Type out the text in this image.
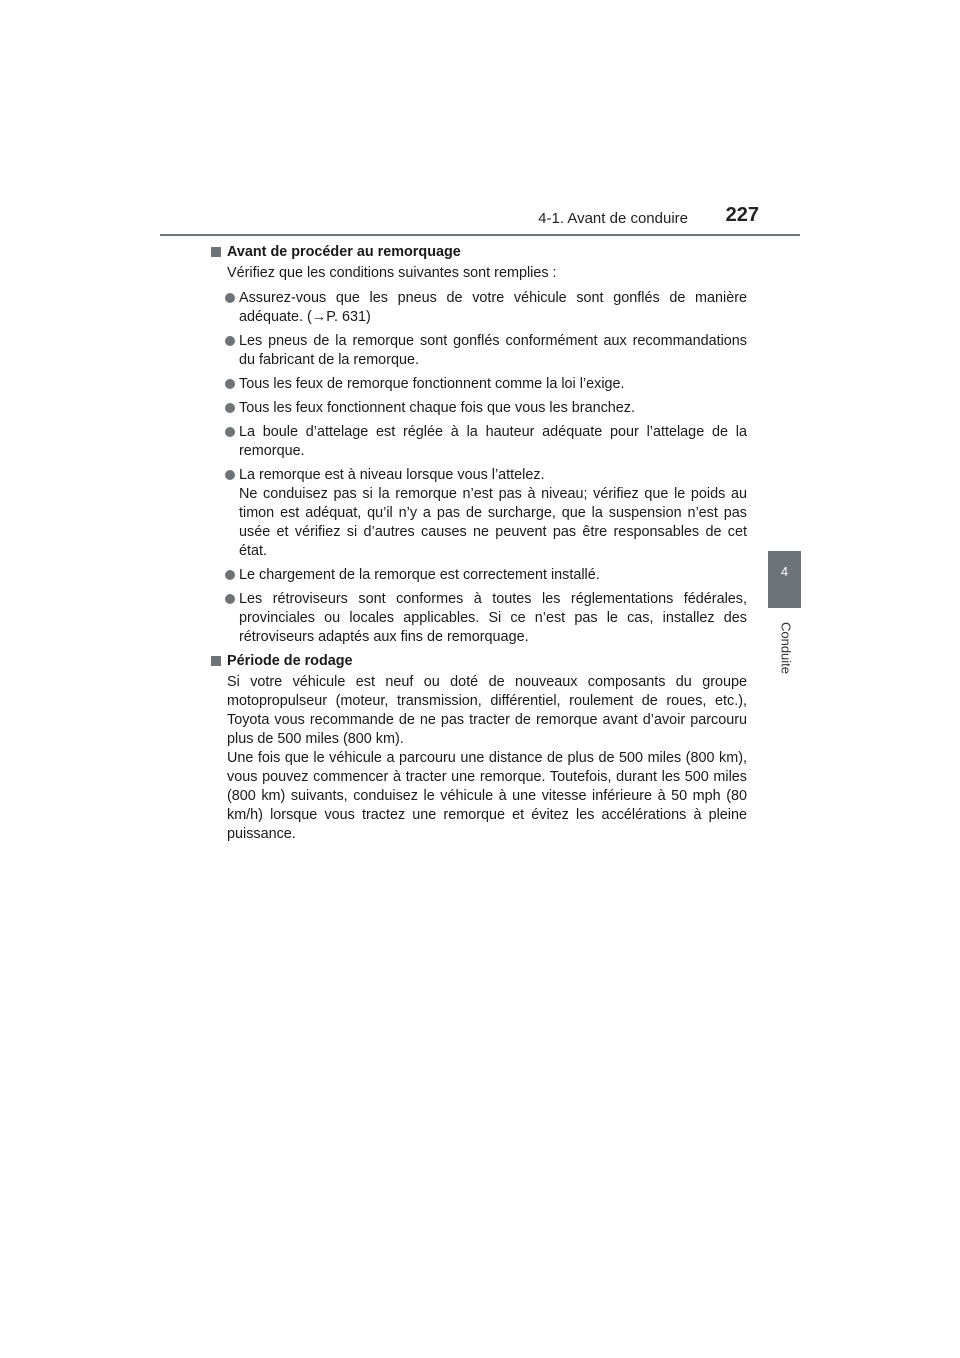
4-1. Avant de conduire 227
4
Conduite
Avant de procéder au remorquage
Vérifiez que les conditions suivantes sont remplies :
Assurez-vous que les pneus de votre véhicule sont gonflés de manière adéquate. (→P. 631)
Les pneus de la remorque sont gonflés conformément aux recommandations du fabricant de la remorque.
Tous les feux de remorque fonctionnent comme la loi l’exige.
Tous les feux fonctionnent chaque fois que vous les branchez.
La boule d’attelage est réglée à la hauteur adéquate pour l’attelage de la remorque.
La remorque est à niveau lorsque vous l’attelez.
Ne conduisez pas si la remorque n’est pas à niveau; vérifiez que le poids au timon est adéquat, qu’il n’y a pas de surcharge, que la suspension n’est pas usée et vérifiez si d’autres causes ne peuvent pas être responsables de cet état.
Le chargement de la remorque est correctement installé.
Les rétroviseurs sont conformes à toutes les réglementations fédérales, provinciales ou locales applicables. Si ce n’est pas le cas, installez des rétroviseurs adaptés aux fins de remorquage.
Période de rodage
Si votre véhicule est neuf ou doté de nouveaux composants du groupe motopropulseur (moteur, transmission, différentiel, roulement de roues, etc.), Toyota vous recommande de ne pas tracter de remorque avant d’avoir parcouru plus de 500 miles (800 km).
Une fois que le véhicule a parcouru une distance de plus de 500 miles (800 km), vous pouvez commencer à tracter une remorque. Toutefois, durant les 500 miles (800 km) suivants, conduisez le véhicule à une vitesse inférieure à 50 mph (80 km/h) lorsque vous tractez une remorque et évitez les accélérations à pleine puissance.
